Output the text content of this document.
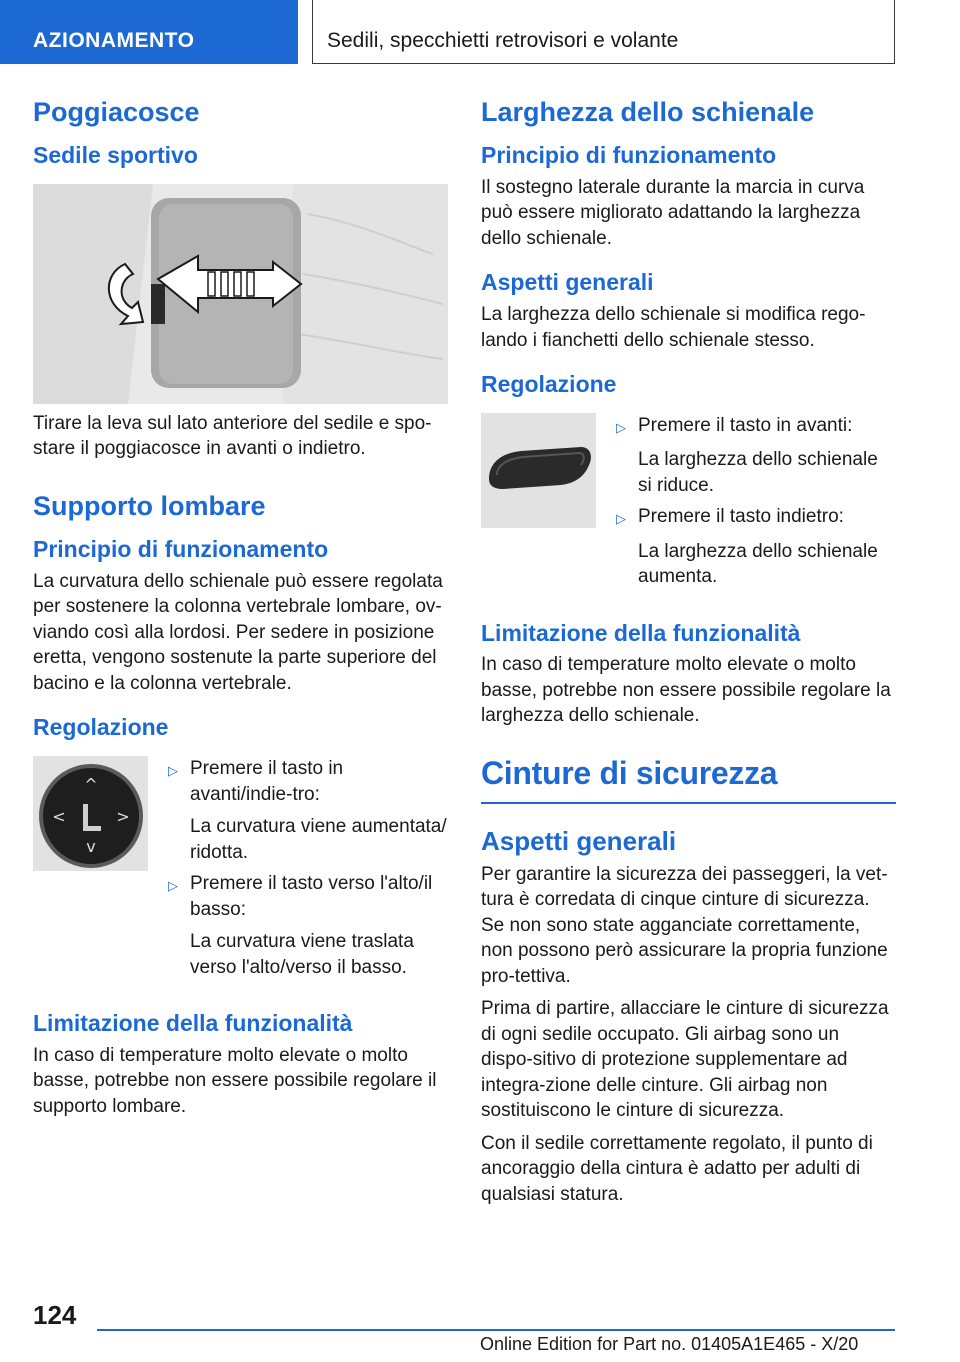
AZIONAMENTO	Sedili, specchietti retrovisori e volante
Poggiacosce
Sedile sportivo
Tirare la leva sul lato anteriore del sedile e spo-stare il poggiacosce in avanti o indietro.
Supporto lombare
Principio di funzionamento
La curvatura dello schienale può essere regolata per sostenere la colonna vertebrale lombare, ov-viando così alla lordosi. Per sedere in posizione eretta, vengono sostenute la parte superiore del bacino e la colonna vertebrale.
Regolazione
^
v
<	>
▷ Premere il tasto in avanti/indie-tro:
La curvatura viene aumentata/ ridotta.
▷ Premere il tasto verso l'alto/il basso:
La curvatura viene traslata verso l'alto/verso il basso.
Limitazione della funzionalità
In caso di temperature molto elevate o molto basse, potrebbe non essere possibile regolare il supporto lombare.
Larghezza dello schienale
Principio di funzionamento
Il sostegno laterale durante la marcia in curva può essere migliorato adattando la larghezza dello schienale.
Aspetti generali
La larghezza dello schienale si modifica rego-lando i fianchetti dello schienale stesso.
Regolazione
▷ Premere il tasto in avanti:
La larghezza dello schienale si riduce.
▷ Premere il tasto indietro:
La larghezza dello schienale aumenta.
Limitazione della funzionalità
In caso di temperature molto elevate o molto basse, potrebbe non essere possibile regolare la larghezza dello schienale.
Cinture di sicurezza
Aspetti generali
Per garantire la sicurezza dei passeggeri, la vet-tura è corredata di cinque cinture di sicurezza. Se non sono state agganciate correttamente, non possono però assicurare la propria funzione pro-tettiva.
Prima di partire, allacciare le cinture di sicurezza di ogni sedile occupato. Gli airbag sono un dispo-sitivo di protezione supplementare ad integra-zione delle cinture. Gli airbag non sostituiscono le cinture di sicurezza.
Con il sedile correttamente regolato, il punto di ancoraggio della cintura è adatto per adulti di qualsiasi statura.
124
Online Edition for Part no. 01405A1E465 - X/20
